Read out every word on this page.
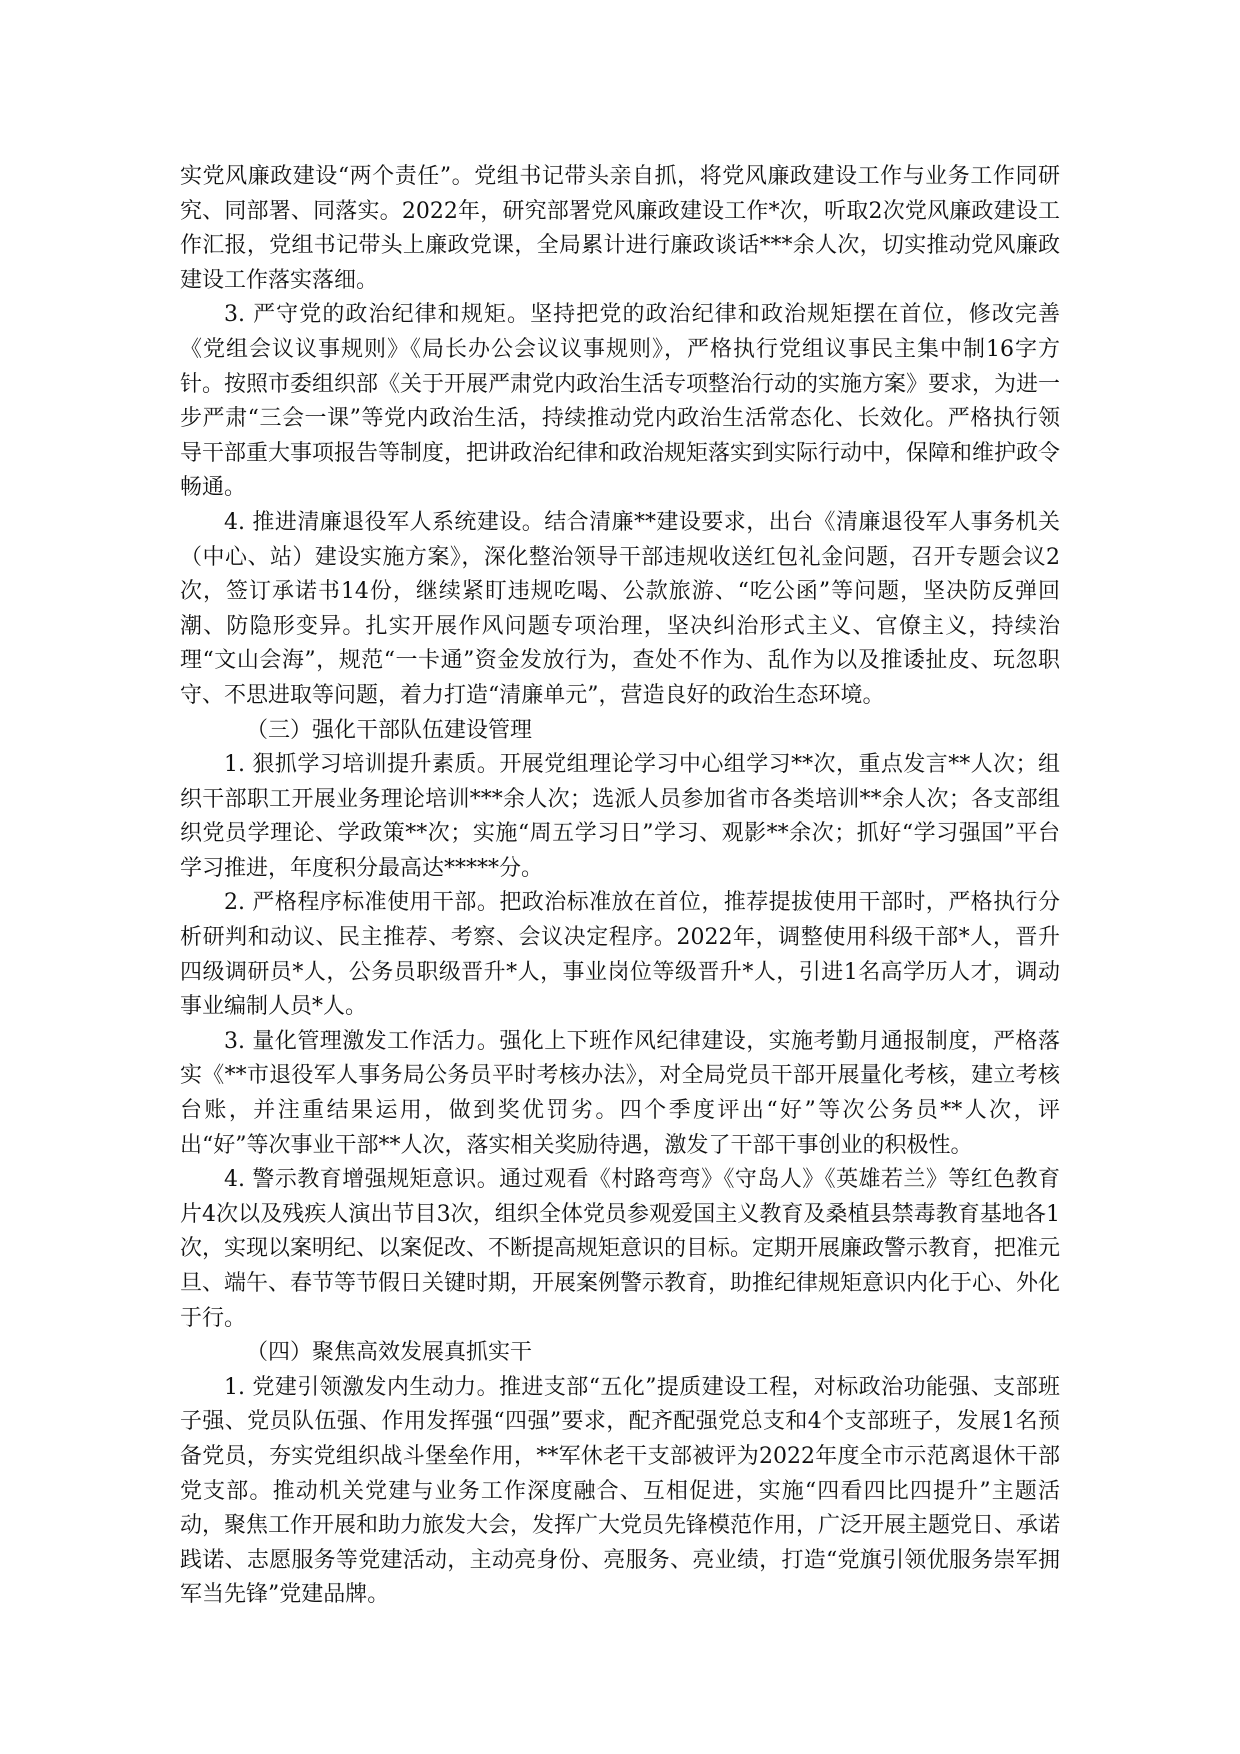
实党风廉政建设“两个责任”。党组书记带头亲自抓，将党风廉政建设工作与业务工作同研究、同部署、同落实。2022年，研究部署党风廉政建设工作*次，听取2次党风廉政建设工作汇报，党组书记带头上廉政党课，全局累计进行廉政谈话***余人次，切实推动党风廉政建设工作落实落细。

3. 严守党的政治纪律和规矩。坚持把党的政治纪律和政治规矩摆在首位，修改完善《党组会议议事规则》《局长办公会议议事规则》，严格执行党组议事民主集中制16字方针。按照市委组织部《关于开展严肃党内政治生活专项整治行动的实施方案》要求，为进一步严肃“三会一课”等党内政治生活，持续推动党内政治生活常态化、长效化。严格执行领导干部重大事项报告等制度，把讲政治纪律和政治规矩落实到实际行动中，保障和维护政令畅通。

4. 推进清廉退役军人系统建设。结合清廉**建设要求，出台《清廉退役军人事务机关（中心、站）建设实施方案》，深化整治领导干部违规收送红包礼金问题，召开专题会议2次，签订承诺书14份，继续紧盯违规吃喝、公款旅游、“吃公函”等问题，坚决防反弹回潮、防隐形变异。扎实开展作风问题专项治理，坚决纠治形式主义、官僚主义，持续治理“文山会海”，规范“一卡通”资金发放行为，查处不作为、乱作为以及推诿扯皮、玩忽职守、不思进取等问题，着力打造“清廉单元”，营造良好的政治生态环境。

（三）强化干部队伍建设管理

1. 狠抓学习培训提升素质。开展党组理论学习中心组学习**次，重点发言**人次；组织干部职工开展业务理论培训***余人次；选派人员参加省市各类培训**余人次；各支部组织党员学理论、学政策**次；实施“周五学习日”学习、观影**余次；抓好“学习强国”平台学习推进，年度积分最高达*****分。

2. 严格程序标准使用干部。把政治标准放在首位，推荐提拔使用干部时，严格执行分析研判和动议、民主推荐、考察、会议决定程序。2022年，调整使用科级干部*人，晋升四级调研员*人，公务员职级晋升*人，事业岗位等级晋升*人，引进1名高学历人才，调动事业编制人员*人。

3. 量化管理激发工作活力。强化上下班作风纪律建设，实施考勤月通报制度，严格落实《**市退役军人事务局公务员平时考核办法》，对全局党员干部开展量化考核，建立考核台账，并注重结果运用，做到奖优罚劣。四个季度评出“好”等次公务员**人次，评出“好”等次事业干部**人次，落实相关奖励待遇，激发了干部干事创业的积极性。

4. 警示教育增强规矩意识。通过观看《村路弯弯》《守岛人》《英雄若兰》等红色教育片4次以及残疾人演出节目3次，组织全体党员参观爱国主义教育及桑植县禁毒教育基地各1次，实现以案明纪、以案促改、不断提高规矩意识的目标。定期开展廉政警示教育，把准元旦、端午、春节等节假日关键时期，开展案例警示教育，助推纪律规矩意识内化于心、外化于行。

（四）聚焦高效发展真抓实干

1. 党建引领激发内生动力。推进支部“五化”提质建设工程，对标政治功能强、支部班子强、党员队伍强、作用发挥强“四强”要求，配齐配强党总支和4个支部班子，发展1名预备党员，夯实党组织战斗堡垒作用，**军休老干支部被评为2022年度全市示范离退休干部党支部。推动机关党建与业务工作深度融合、互相促进，实施“四看四比四提升”主题活动，聚焦工作开展和助力旅发大会，发挥广大党员先锋模范作用，广泛开展主题党日、承诺践诺、志愿服务等党建活动，主动亮身份、亮服务、亮业绩，打造“党旗引领优服务崇军拥军当先锋”党建品牌。
